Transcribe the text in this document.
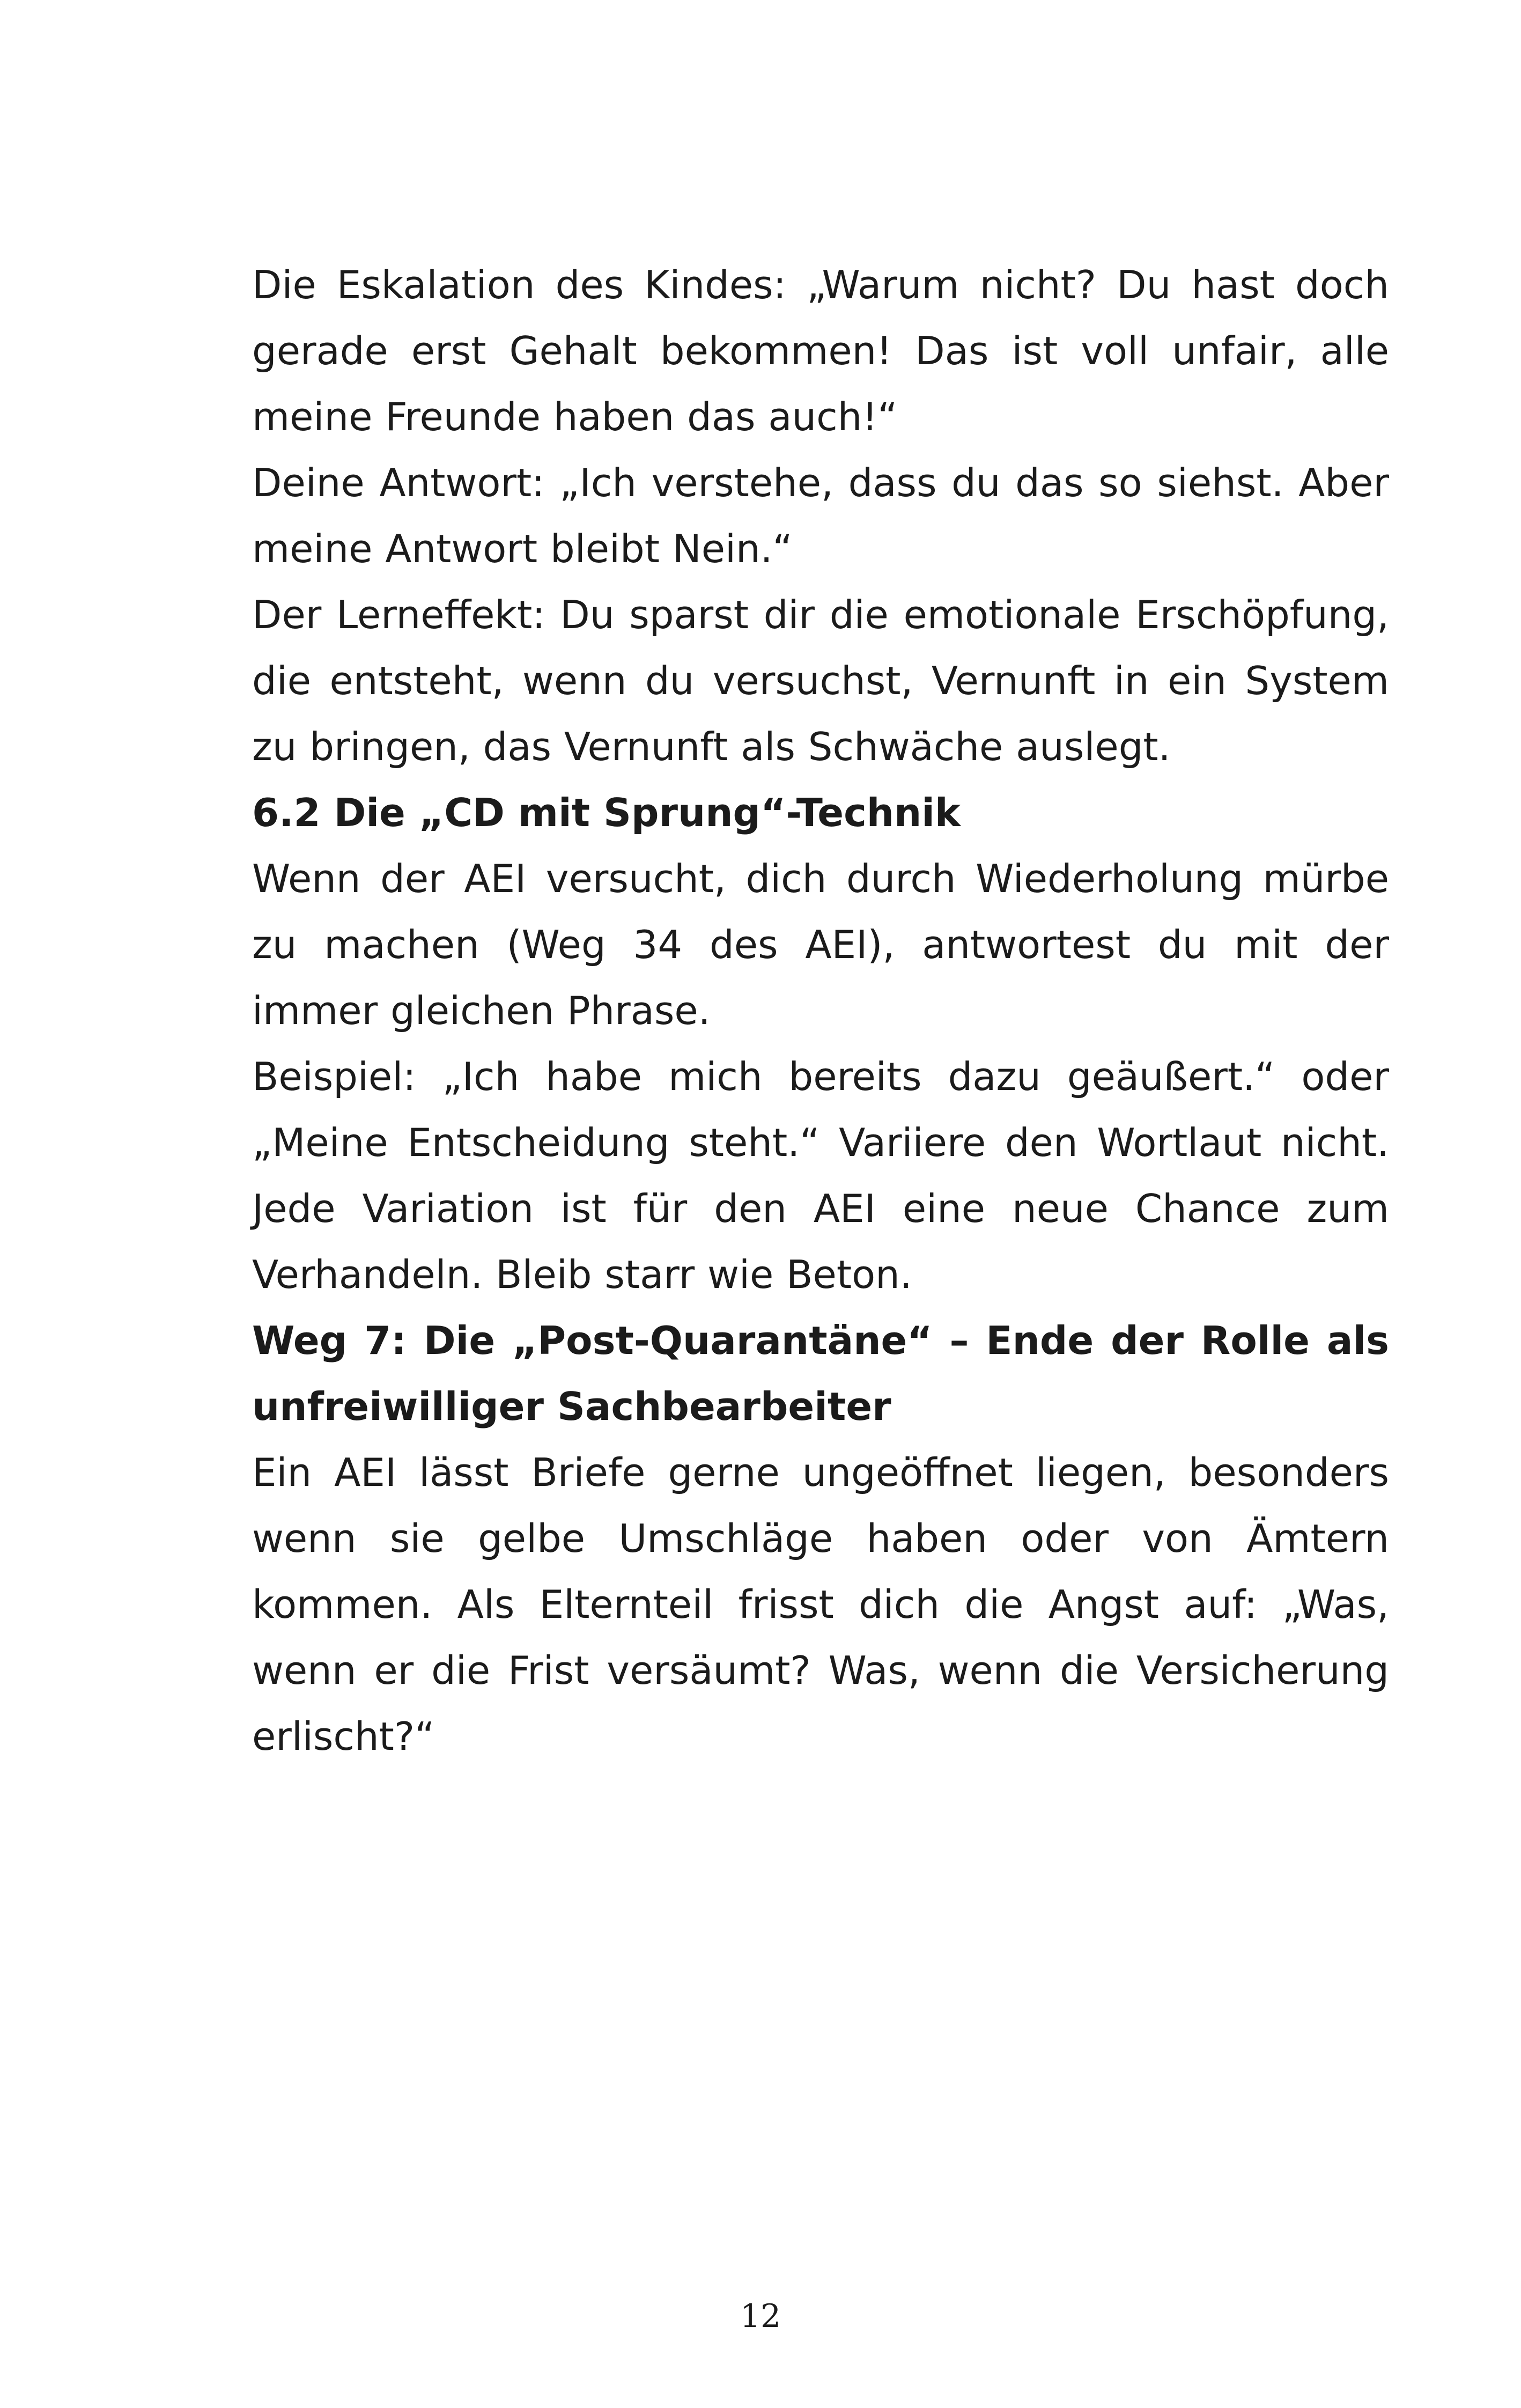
Die Eskalation des Kindes: „Warum nicht? Du hast doch gerade erst Gehalt bekommen! Das ist voll unfair, alle meine Freunde haben das auch!“

Deine Antwort: „Ich verstehe, dass du das so siehst. Aber meine Antwort bleibt Nein.“

Der Lerneffekt: Du sparst dir die emotionale Erschöpfung, die entsteht, wenn du versuchst, Vernunft in ein System zu bringen, das Vernunft als Schwäche auslegt.

6.2 Die „CD mit Sprung“-Technik

Wenn der AEI versucht, dich durch Wiederholung mürbe zu machen (Weg 34 des AEI), antwortest du mit der immer gleichen Phrase.

Beispiel: „Ich habe mich bereits dazu geäußert.“ oder „Meine Entscheidung steht.“ Variiere den Wortlaut nicht. Jede Variation ist für den AEI eine neue Chance zum Verhandeln. Bleib starr wie Beton.

Weg 7: Die „Post-Quarantäne“ – Ende der Rolle als unfreiwilliger Sachbearbeiter

Ein AEI lässt Briefe gerne ungeöffnet liegen, besonders wenn sie gelbe Umschläge haben oder von Ämtern kommen. Als Elternteil frisst dich die Angst auf: „Was, wenn er die Frist versäumt? Was, wenn die Versicherung erlischt?“

12
